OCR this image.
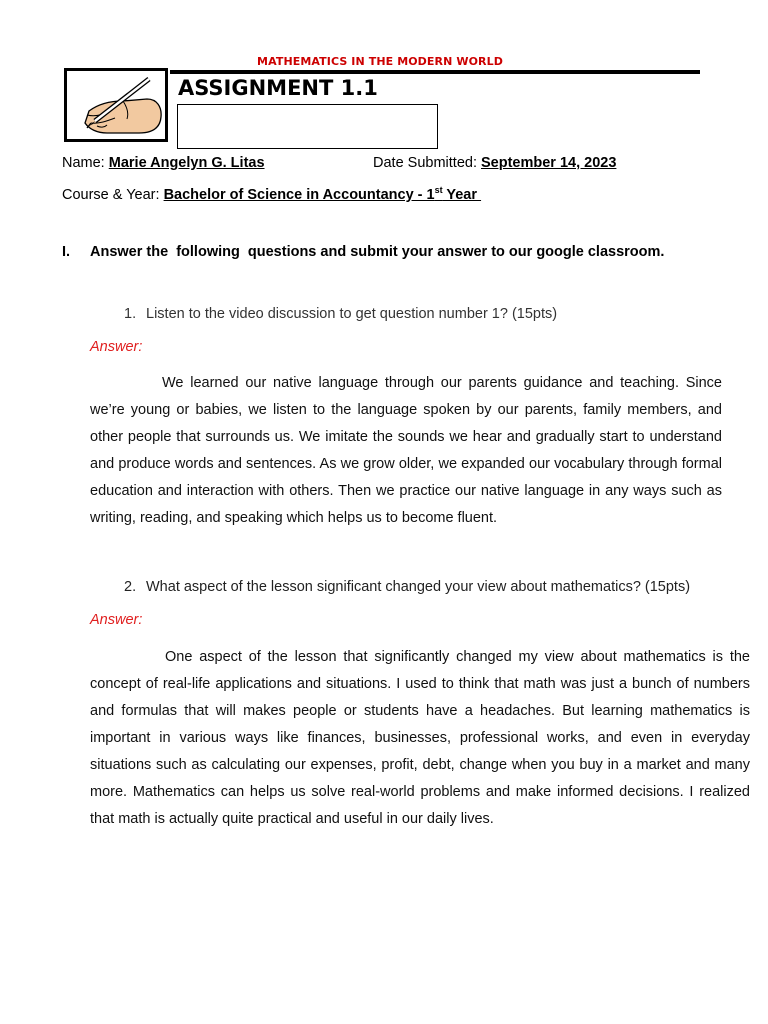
MATHEMATICS IN THE MODERN WORLD
ASSIGNMENT 1.1
Name: Marie Angelyn G. Litas	Date Submitted: September 14, 2023
Course & Year: Bachelor of Science in Accountancy - 1st Year
I. Answer the  following  questions and submit your answer to our google classroom.
1. Listen to the video discussion to get question number 1? (15pts)
Answer:
We learned our native language through our parents guidance and teaching. Since we’re young or babies, we listen to the language spoken by our parents, family members, and other people that surrounds us. We imitate the sounds we hear and gradually start to understand and produce words and sentences. As we grow older, we expanded our vocabulary through formal education and interaction with others. Then we practice our native language in any ways such as writing, reading, and speaking which helps us to become fluent.
2. What aspect of the lesson significant changed your view about mathematics? (15pts)
Answer:
One aspect of the lesson that significantly changed my view about mathematics is the concept of real-life applications and situations. I used to think that math was just a bunch of numbers and formulas that will makes people or students have a headaches. But learning mathematics is important in various ways like finances, businesses, professional works, and even in everyday situations such as calculating our expenses, profit, debt, change when you buy in a market and many more. Mathematics can helps us solve real-world problems and make informed decisions. I realized that math is actually quite practical and useful in our daily lives.
